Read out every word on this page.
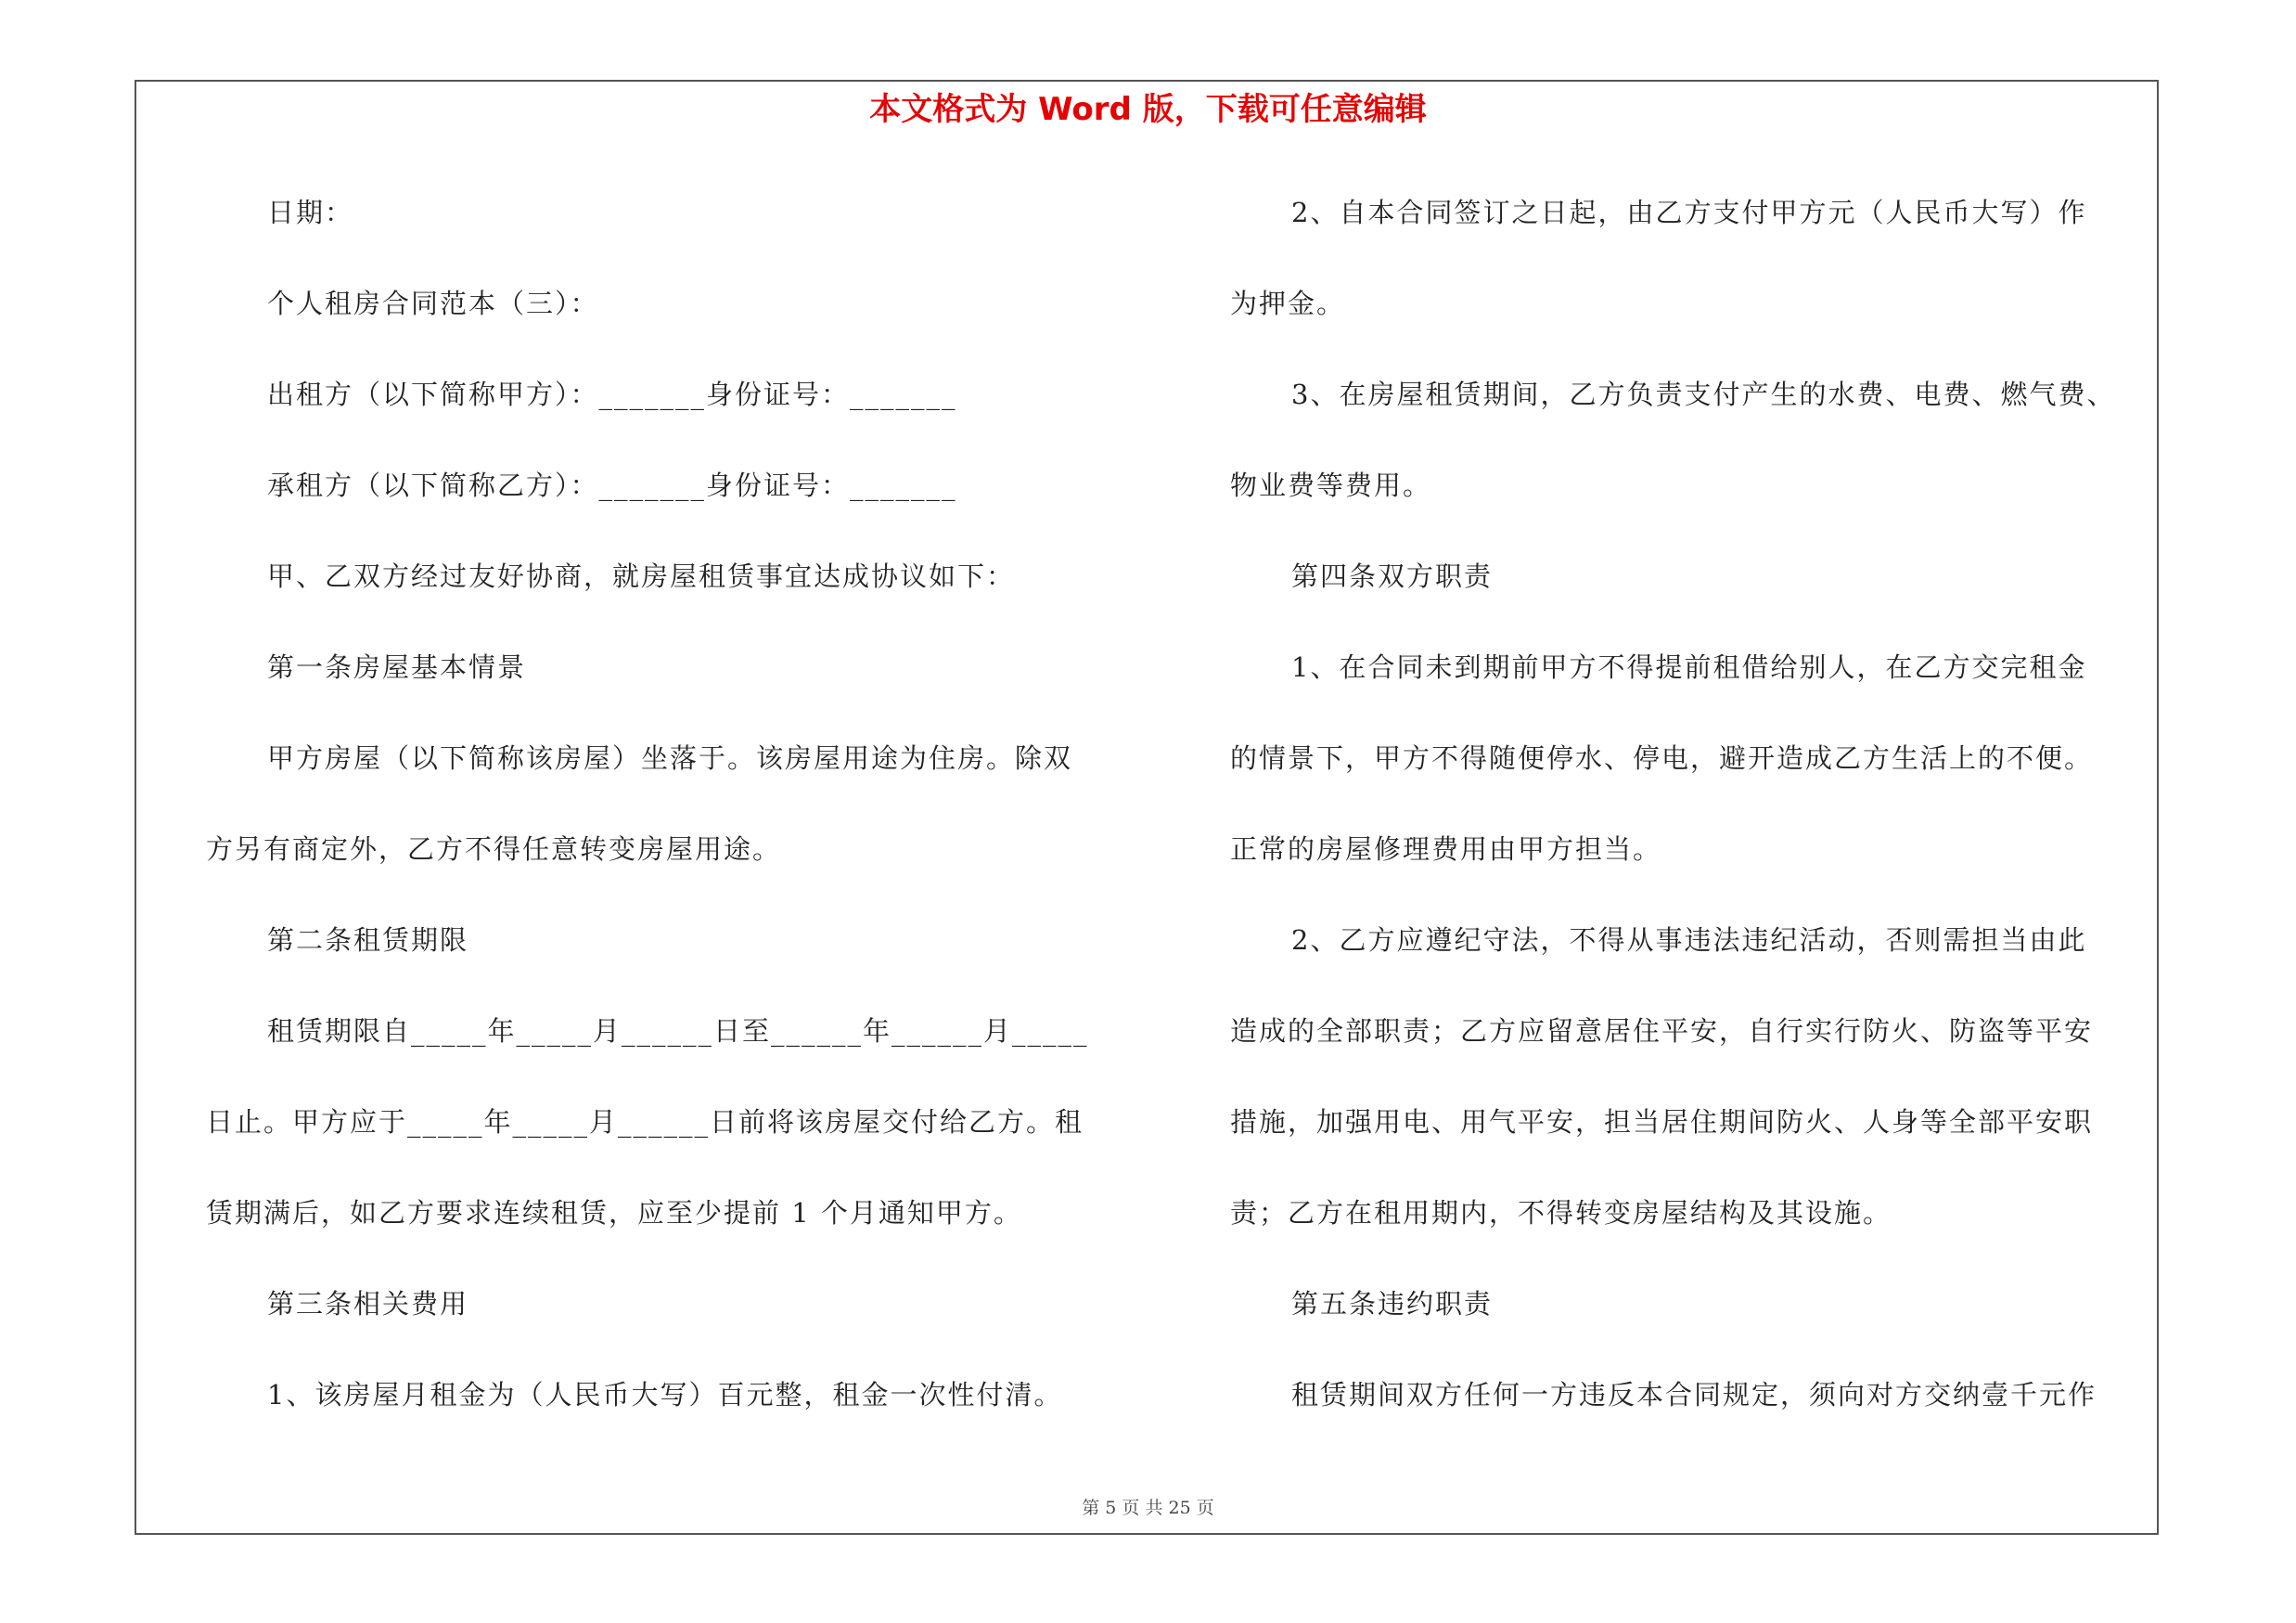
本文格式为 Word 版，下载可任意编辑
日期：
个人租房合同范本（三）：
出租方（以下简称甲方）：_______身份证号：_______
承租方（以下简称乙方）：_______身份证号：_______
甲、乙双方经过友好协商，就房屋租赁事宜达成协议如下：
第一条房屋基本情景
甲方房屋（以下简称该房屋）坐落于。该房屋用途为住房。除双
方另有商定外，乙方不得任意转变房屋用途。
第二条租赁期限
租赁期限自_____年_____月______日至______年______月_____
日止。甲方应于_____年_____月______日前将该房屋交付给乙方。租
赁期满后，如乙方要求连续租赁，应至少提前 1 个月通知甲方。
第三条相关费用
1、该房屋月租金为（人民币大写）百元整，租金一次性付清。
2、自本合同签订之日起，由乙方支付甲方元（人民币大写）作
为押金。
3、在房屋租赁期间，乙方负责支付产生的水费、电费、燃气费、
物业费等费用。
第四条双方职责
1、在合同未到期前甲方不得提前租借给别人，在乙方交完租金
的情景下，甲方不得随便停水、停电，避开造成乙方生活上的不便。
正常的房屋修理费用由甲方担当。
2、乙方应遵纪守法，不得从事违法违纪活动，否则需担当由此
造成的全部职责；乙方应留意居住平安，自行实行防火、防盗等平安
措施，加强用电、用气平安，担当居住期间防火、人身等全部平安职
责；乙方在租用期内，不得转变房屋结构及其设施。
第五条违约职责
租赁期间双方任何一方违反本合同规定，须向对方交纳壹千元作
第 5 页 共 25 页
